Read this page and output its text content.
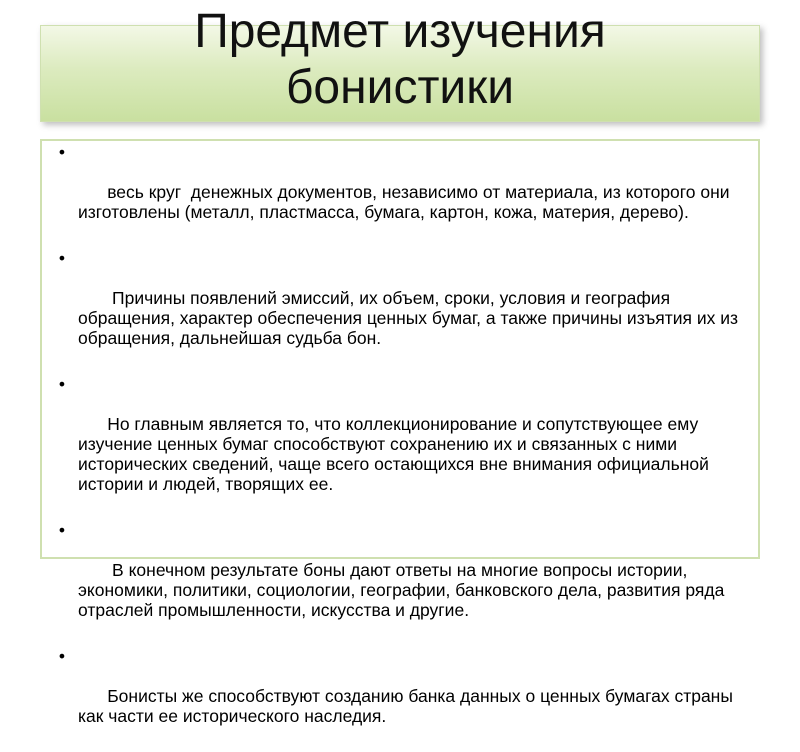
Предмет изучения
бонистики

•

весь круг  денежных документов, независимо от материала, из которого они изготовлены (металл, пластмасса, бумага, картон, кожа, материя, дерево).

•

Причины появлений эмиссий, их объем, сроки, условия и география обращения, характер обеспечения ценных бумаг, а также причины изъятия их из обращения, дальнейшая судьба бон.

•

Но главным является то, что коллекционирование и сопутствующее ему изучение ценных бумаг способствуют сохранению их и связанных с ними исторических сведений, чаще всего остающихся вне внимания официальной истории и людей, творящих ее.

•

В конечном результате боны дают ответы на многие вопросы истории, экономики, политики, социологии, географии, банковского дела, развития ряда отраслей промышленности, искусства и другие.

•

Бонисты же способствуют созданию банка данных о ценных бумагах страны как части ее исторического наследия.
